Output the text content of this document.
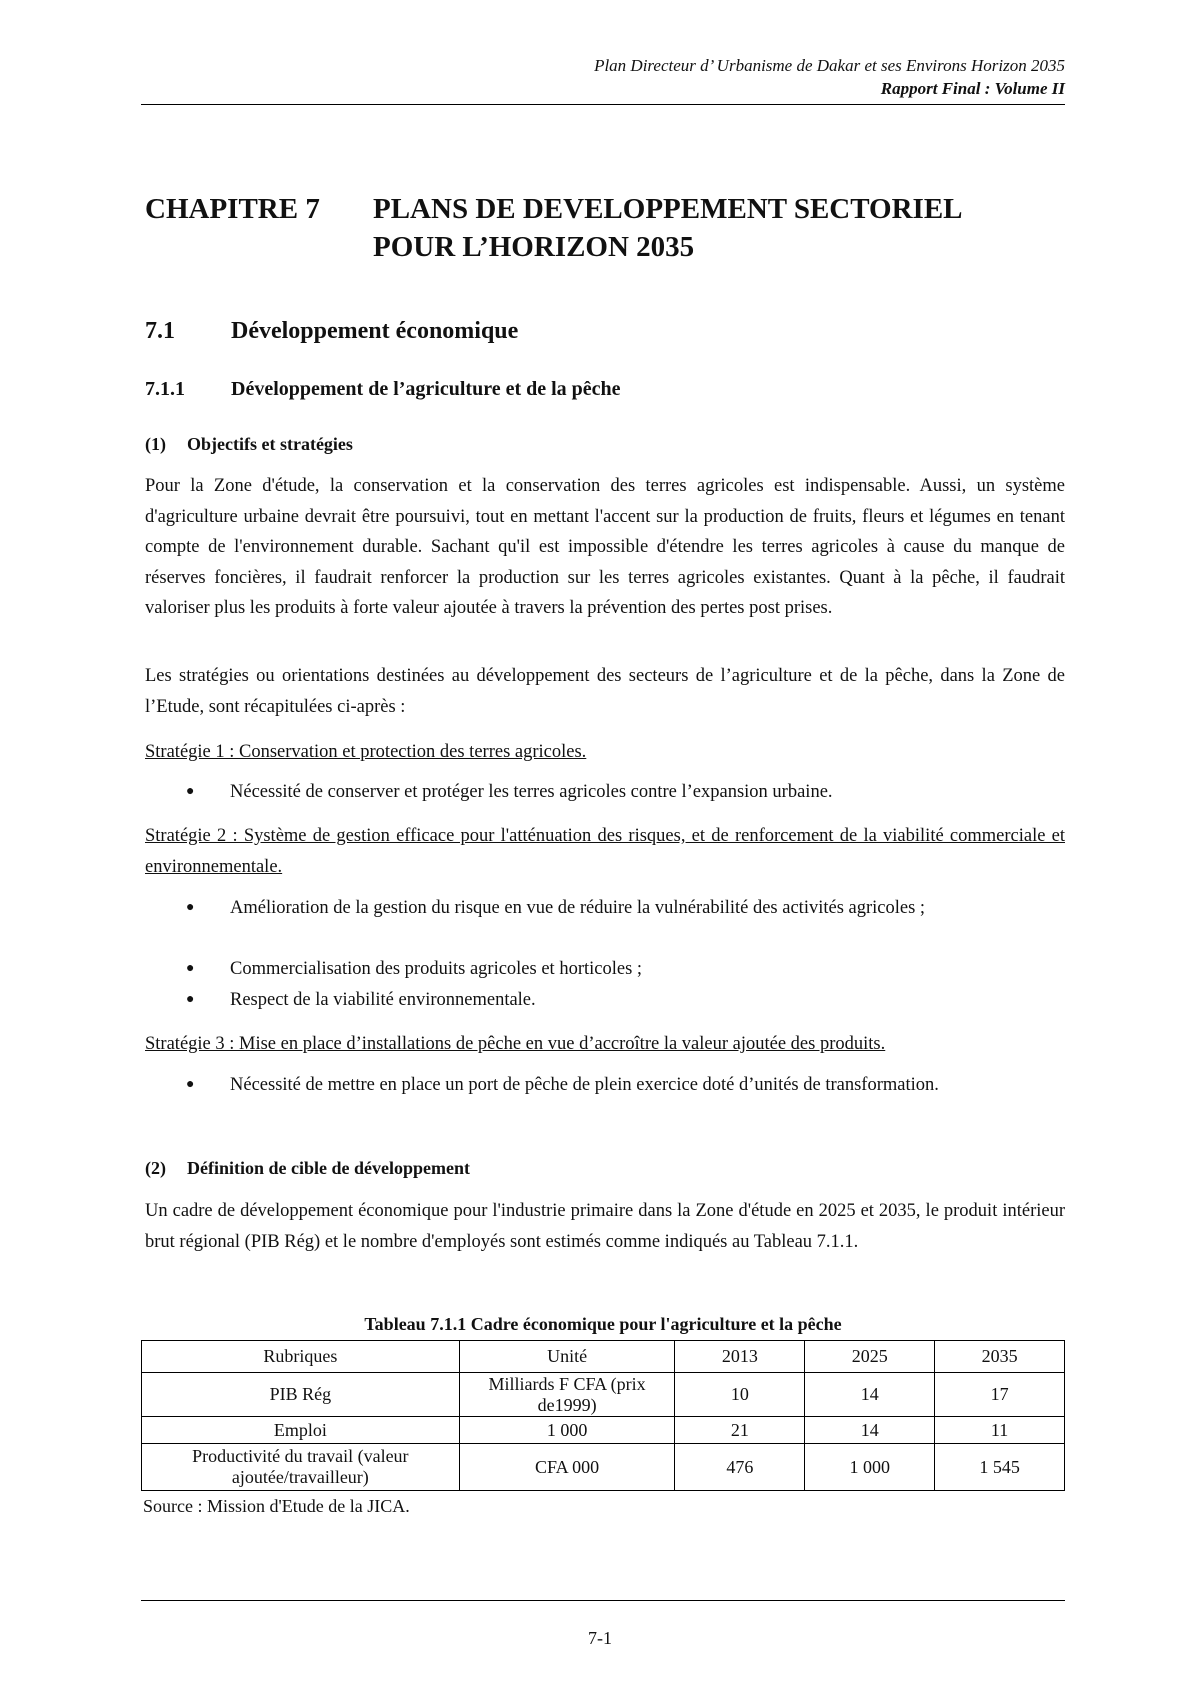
Plan Directeur d’ Urbanisme de Dakar et ses Environs Horizon 2035
Rapport Final : Volume II
CHAPITRE 7 PLANS DE DEVELOPPEMENT SECTORIEL
POUR L’HORIZON 2035
7.1 Développement économique
7.1.1 Développement de l’agriculture et de la pêche
(1) Objectifs et stratégies

Pour la Zone d'étude, la conservation et la conservation des terres agricoles est indispensable. Aussi, un système d'agriculture urbaine devrait être poursuivi, tout en mettant l'accent sur la production de fruits, fleurs et légumes en tenant compte de l'environnement durable. Sachant qu'il est impossible d'étendre les terres agricoles à cause du manque de réserves foncières, il faudrait renforcer la production sur les terres agricoles existantes. Quant à la pêche, il faudrait valoriser plus les produits à forte valeur ajoutée à travers la prévention des pertes post prises.

Les stratégies ou orientations destinées au développement des secteurs de l’agriculture et de la pêche, dans la Zone de l’Etude, sont récapitulées ci-après :

Stratégie 1 : Conservation et protection des terres agricoles.

● Nécessité de conserver et protéger les terres agricoles contre l’expansion urbaine.

Stratégie 2 : Système de gestion efficace pour l'atténuation des risques, et de renforcement de la viabilité commerciale et environnementale.

● Amélioration de la gestion du risque en vue de réduire la vulnérabilité des activités agricoles ;
● Commercialisation des produits agricoles et horticoles ;
● Respect de la viabilité environnementale.

Stratégie 3 : Mise en place d’installations de pêche en vue d’accroître la valeur ajoutée des produits.

● Nécessité de mettre en place un port de pêche de plein exercice doté d’unités de transformation.
(2) Définition de cible de développement

Un cadre de développement économique pour l'industrie primaire dans la Zone d'étude en 2025 et 2035, le produit intérieur brut régional (PIB Rég) et le nombre d'employés sont estimés comme indiqués au Tableau 7.1.1.

Tableau 7.1.1 Cadre économique pour l'agriculture et la pêche
Rubriques	Unité	2013	2025	2035
PIB Rég	Milliards F CFA (prix de1999)	10	14	17
Emploi	1 000	21	14	11
Productivité du travail (valeur ajoutée/travailleur)	CFA 000	476	1 000	1 545
Source : Mission d'Etude de la JICA.
7-1
